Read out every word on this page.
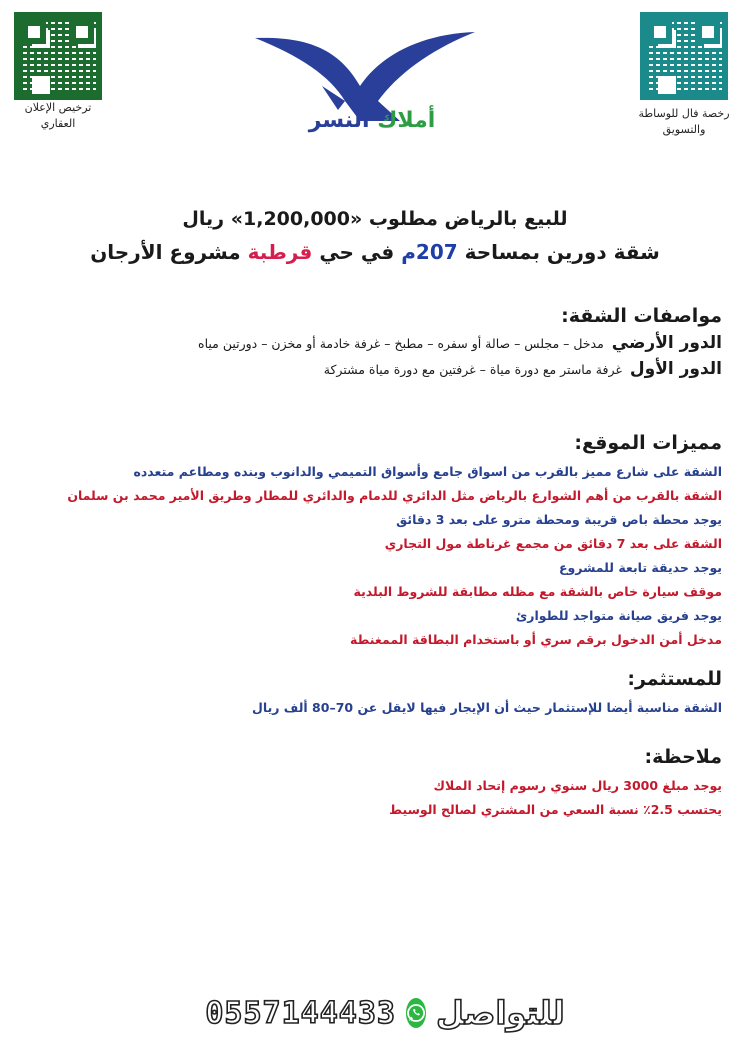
ترخيص الإعلان العقاري
رخصة فال للوساطة والتسويق
أملاك النسر
للبيع بالرياض مطلوب «1,200,000» ريال
شقة دورين بمساحة 207م في حي قرطبة مشروع الأرجان
مواصفات الشقة:
الدور الأرضي
مدخل – مجلس – صالة أو سفره – مطبخ – غرفة خادمة أو مخزن – دورتين مياه
الدور الأول
غرفة ماستر مع دورة مياة – غرفتين مع دورة مياة مشتركة
مميزات الموقع:
الشقة على شارع مميز بالقرب من اسواق جامع وأسواق التميمي والدانوب وبنده ومطاعم متعدده
الشقة بالقرب من أهم الشوارع بالرياض مثل الدائري للدمام والدائري للمطار وطريق الأمير محمد بن سلمان
يوجد محطة باص قريبة ومحطة مترو على بعد 3 دقائق
الشقة على بعد 7 دقائق من مجمع غرناطة مول التجاري
يوجد حديقة تابعة للمشروع
موقف سيارة خاص بالشقة مع مظله مطابقة للشروط البلدية
يوجد فريق صيانة متواجد للطوارئ
مدخل أمن الدخول برقم سري أو باستخدام البطاقة الممغنطة
للمستثمر:
الشقة مناسبة أيضا للإستثمار حيث أن الإيجار فيها لايقل عن 70–80 ألف ريال
ملاحظة:
يوجد مبلغ 3000 ريال سنوي رسوم إتحاد الملاك
يحتسب 2.5٪ نسبة السعي من المشتري لصالح الوسيط
0557144433 للتواصل
